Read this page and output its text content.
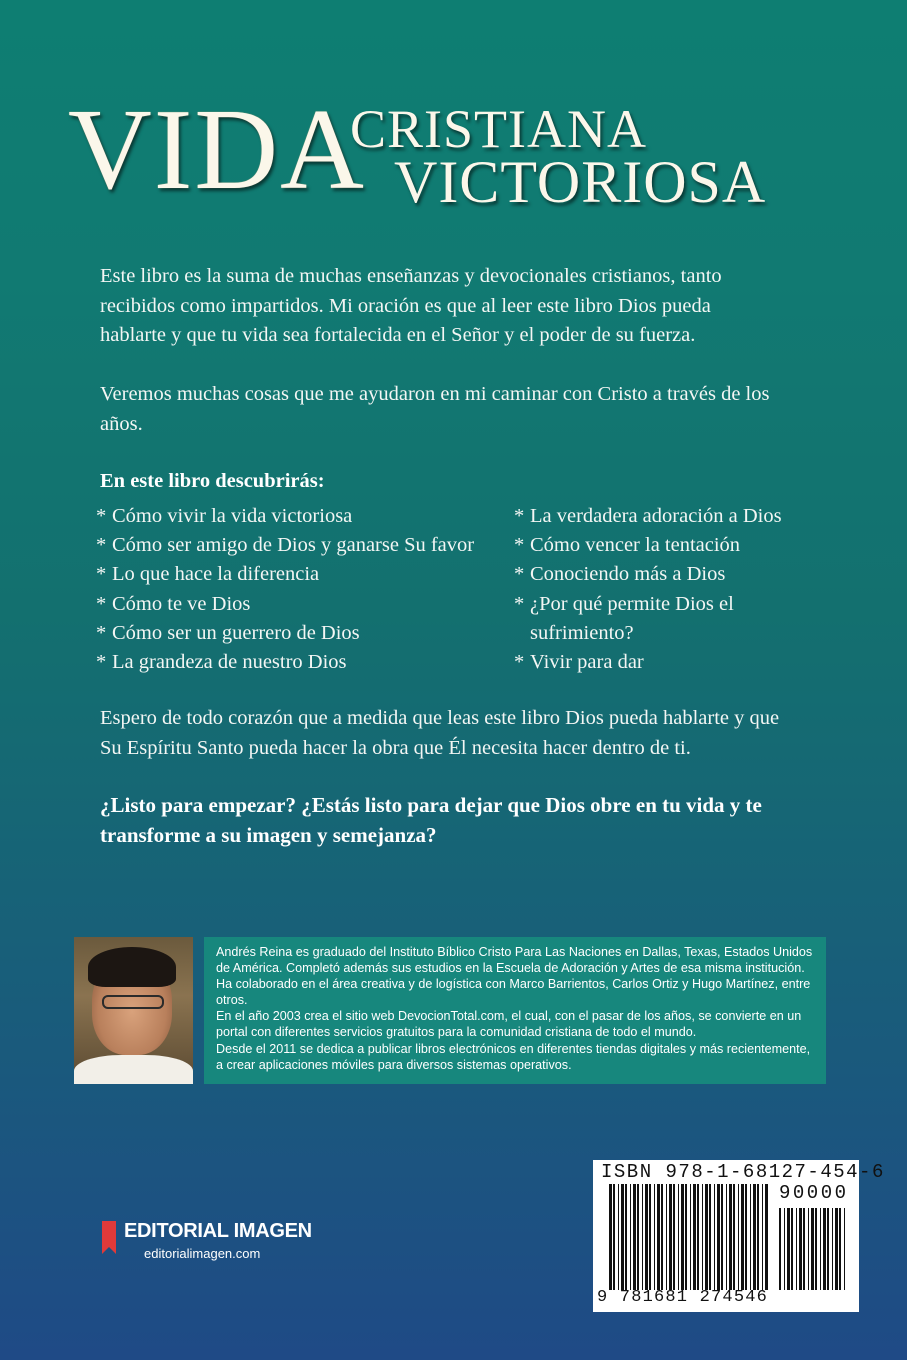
VIDA
CRISTIANA
VICTORIOSA
Este libro es la suma de muchas enseñanzas y devocionales cristianos, tanto recibidos como impartidos. Mi oración es que al leer este libro Dios pueda hablarte y que tu vida sea fortalecida en el Señor y el poder de su fuerza.
Veremos muchas cosas que me ayudaron en mi caminar con Cristo a través de los años.
En este libro descubrirás:
* Cómo vivir la vida victoriosa
* Cómo ser amigo de Dios y ganarse Su favor
* Lo que hace la diferencia
* Cómo te ve Dios
* Cómo ser un guerrero de Dios
* La grandeza de nuestro Dios
* La verdadera adoración a Dios
* Cómo vencer la tentación
* Conociendo más a Dios
* ¿Por qué permite Dios el sufrimiento?
* Vivir para dar
Espero de todo corazón que a medida que leas este libro Dios pueda hablarte y que Su Espíritu Santo pueda hacer la obra que Él necesita hacer dentro de ti.
¿Listo para empezar? ¿Estás listo para dejar que Dios obre en tu vida y te transforme a su imagen y semejanza?

Andrés Reina es graduado del Instituto Bíblico Cristo Para Las Naciones en Dallas, Texas, Estados Unidos de América. Completó además sus estudios en la Escuela de Adoración y Artes de esa misma institución. Ha colaborado en el área creativa y de logística con Marco Barrientos, Carlos Ortiz y Hugo Martínez, entre otros.

En el año 2003 crea el sitio web DevocionTotal.com, el cual, con el pasar de los años, se convierte en un portal con diferentes servicios gratuitos para la comunidad cristiana de todo el mundo.

Desde el 2011 se dedica a publicar libros electrónicos en diferentes tiendas digitales y más recientemente, a crear aplicaciones móviles para diversos sistemas operativos.

EDITORIAL IMAGEN
editorialimagen.com
ISBN 978-1-68127-454-6
90000
9 781681 274546
